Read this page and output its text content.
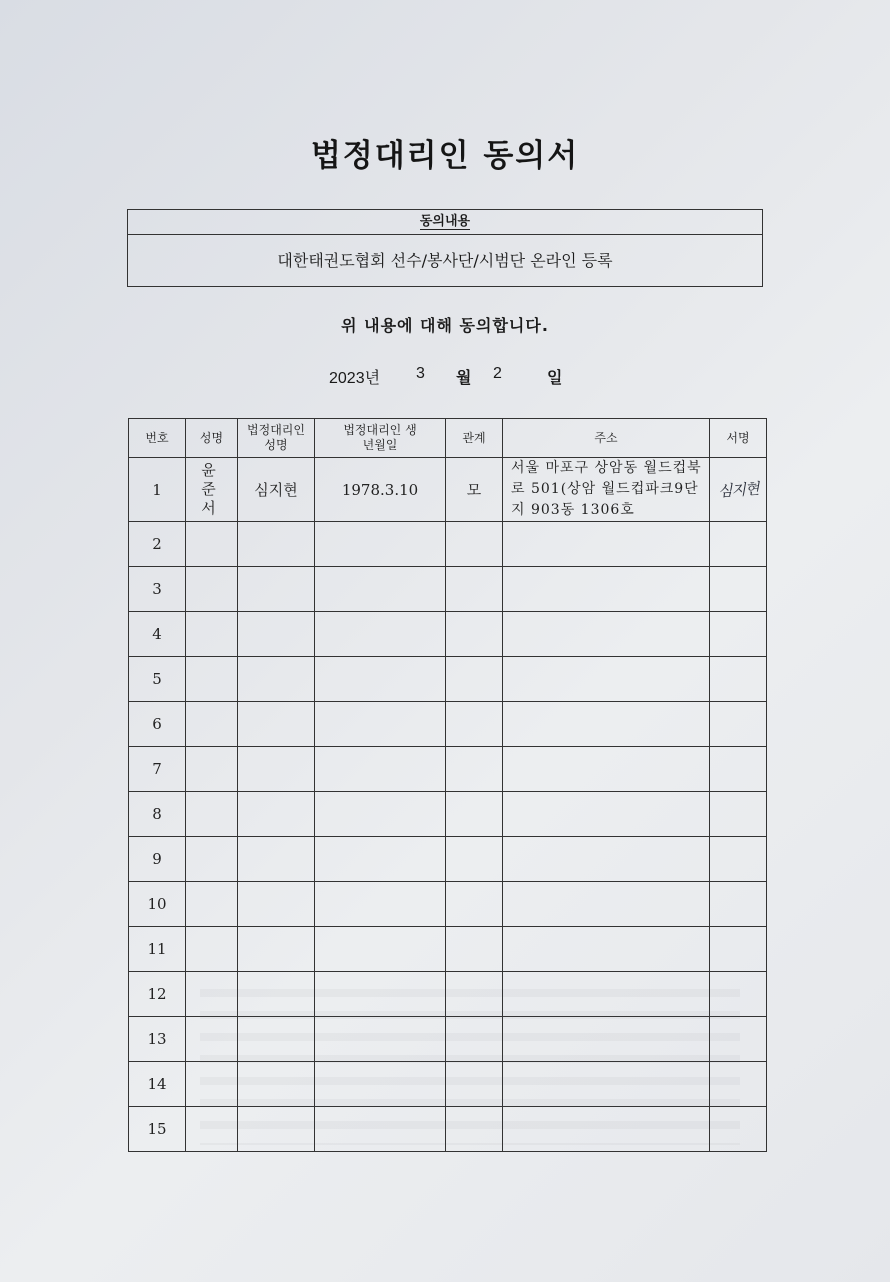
법정대리인 동의서
동의내용
대한태권도협회 선수/봉사단/시범단 온라인 등록
위 내용에 대해 동의합니다.
2023년 3 월 2	일
번호	성명	법정대리인 성명	법정대리인 생년월일	관계	주소	서명
1	윤 준 서	심지현	1978.3.10	모	서울 마포구 상암동 월드컵북로 501(상암 월드컵파크9단지 903동 1306호	심지현
2						
3						
4						
5						
6						
7						
8						
9						
10						
11						
12						
13						
14						
15						
